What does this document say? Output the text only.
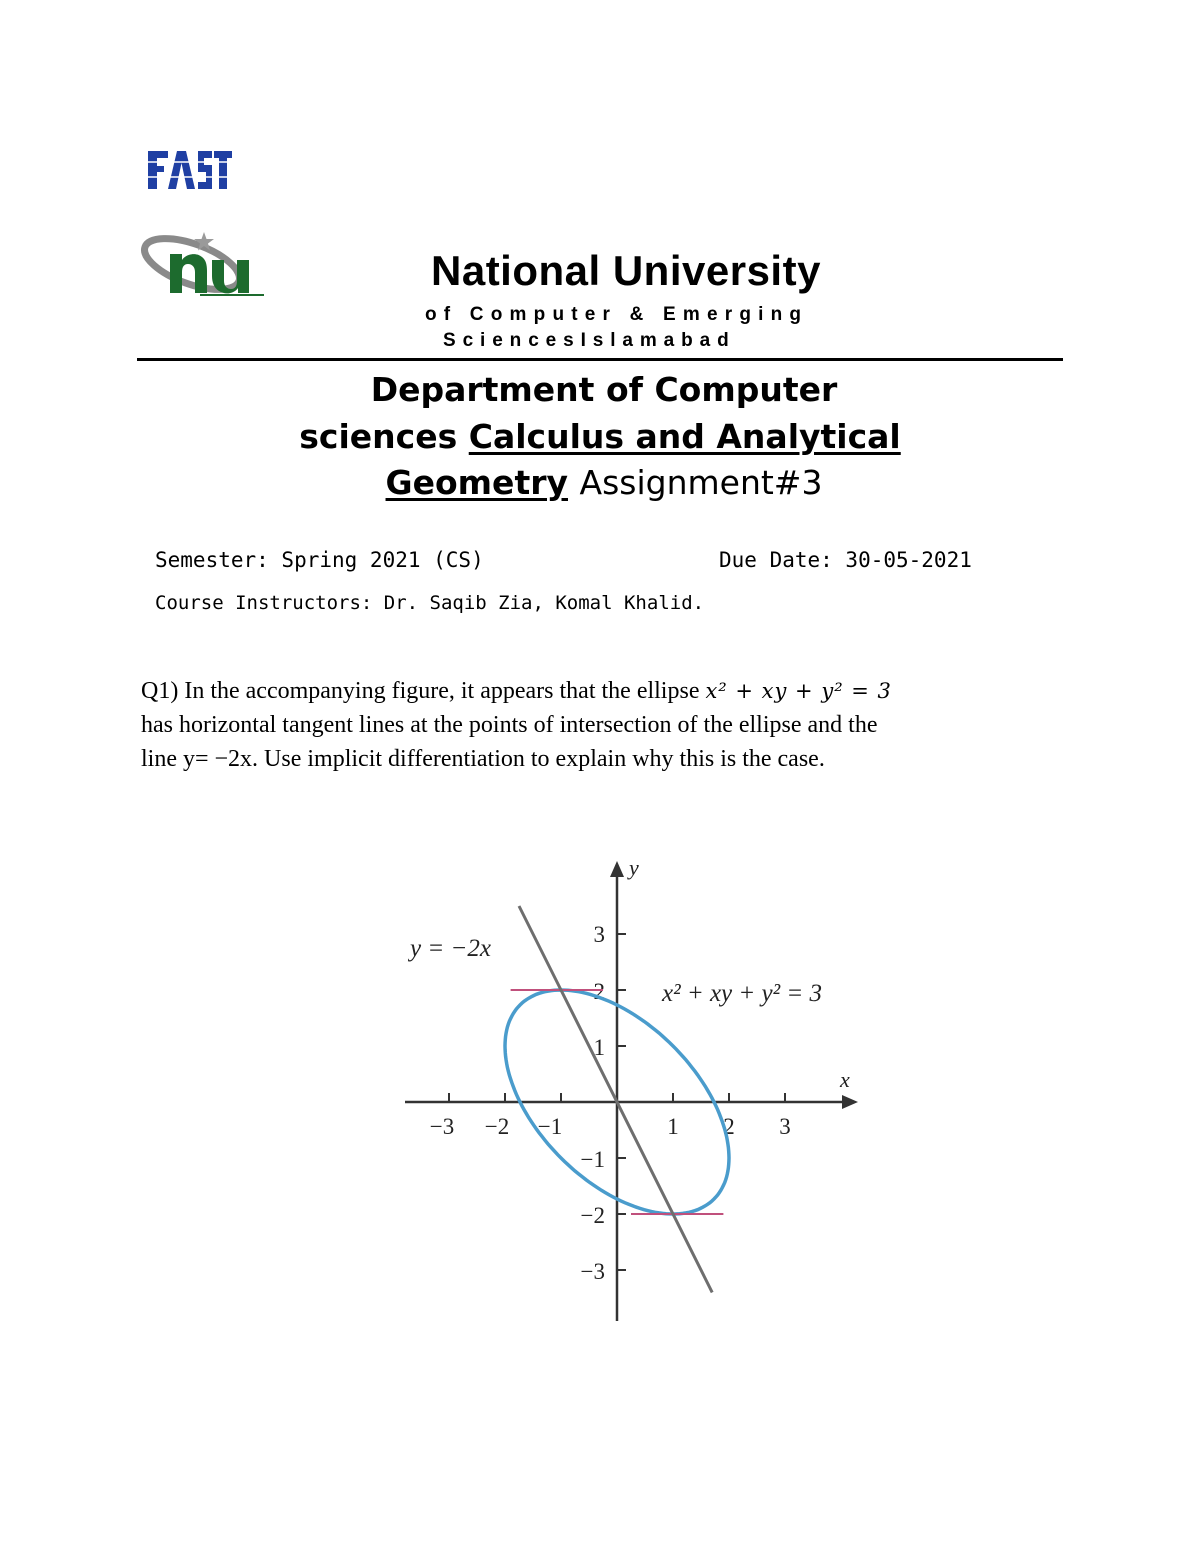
National University
of Computer & Emerging
SciencesIslamabad
Department of Computer
sciences Calculus and Analytical
Geometry Assignment#3
Semester: Spring 2021 (CS)	Due Date: 30-05-2021
Course Instructors: Dr. Saqib Zia, Komal Khalid.
Q1) In the accompanying figure, it appears that the ellipse x² + xy + y² = 3
has horizontal tangent lines at the points of intersection of the ellipse and the
line y= −2x. Use implicit differentiation to explain why this is the case.
x
y
−3 −2 −1	1 2 3
3
2
1
−1
−2
−3
y = −2x
x² + xy + y² = 3
